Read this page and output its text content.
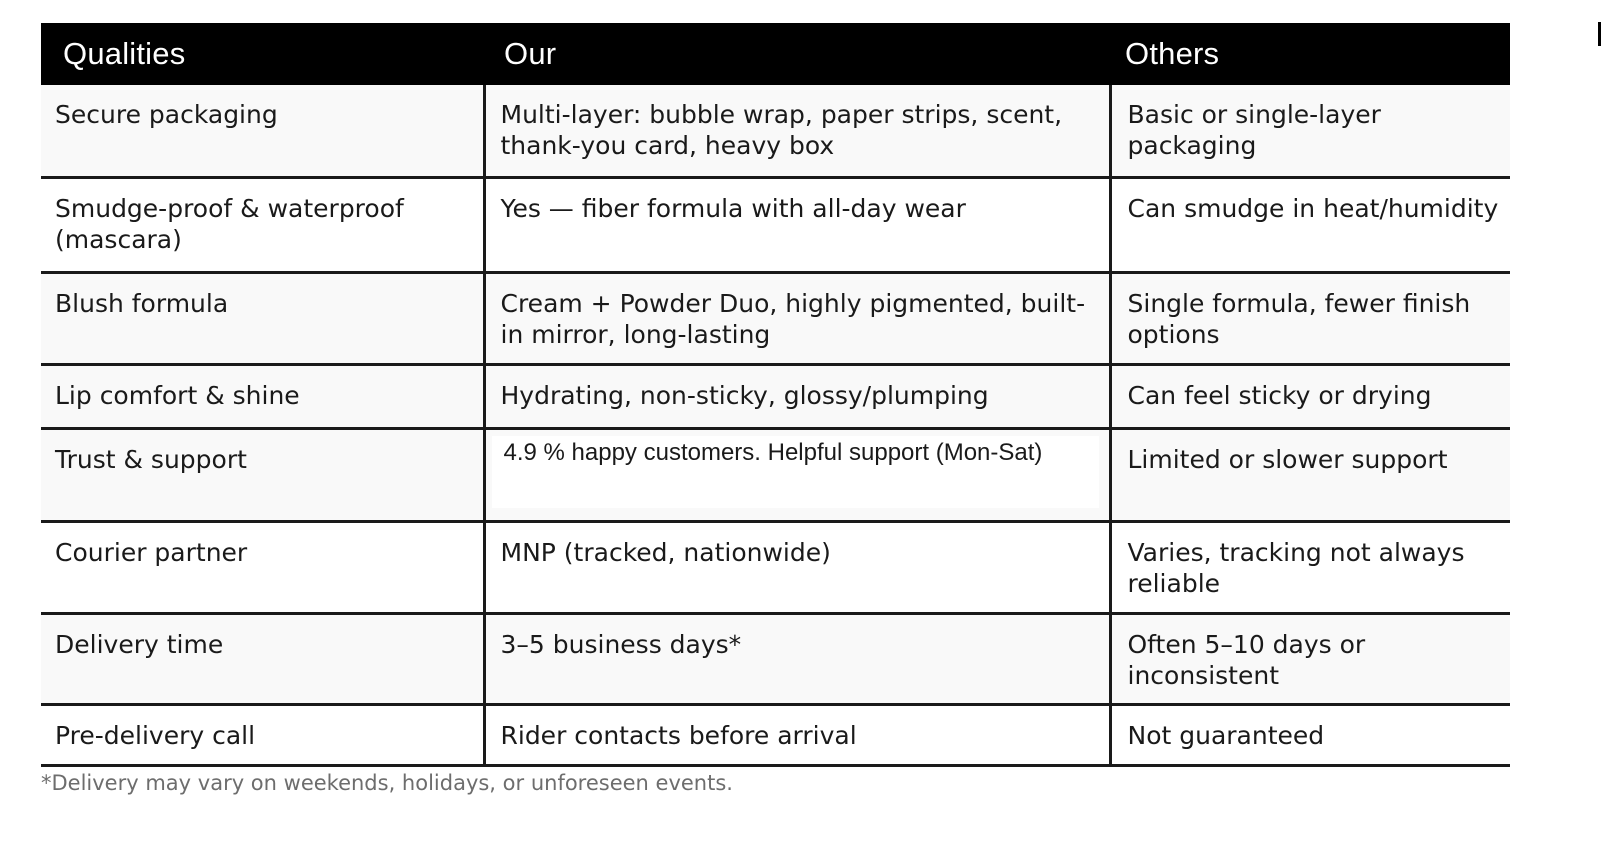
Qualities	Our	Others
Secure packaging	Multi-layer: bubble wrap, paper strips, scent, thank-you card, heavy box	Basic or single-layer packaging
Smudge-proof & waterproof (mascara)	Yes — fiber formula with all-day wear	Can smudge in heat/humidity
Blush formula	Cream + Powder Duo, highly pigmented, built-in mirror, long-lasting	Single formula, fewer finish options
Lip comfort & shine	Hydrating, non-sticky, glossy/plumping	Can feel sticky or drying
Trust & support	4.9 % happy customers. Helpful support (Mon-Sat)	Limited or slower support
Courier partner	MNP (tracked, nationwide)	Varies, tracking not always reliable
Delivery time	3–5 business days*	Often 5–10 days or inconsistent
Pre-delivery call	Rider contacts before arrival	Not guaranteed
*Delivery may vary on weekends, holidays, or unforeseen events.
